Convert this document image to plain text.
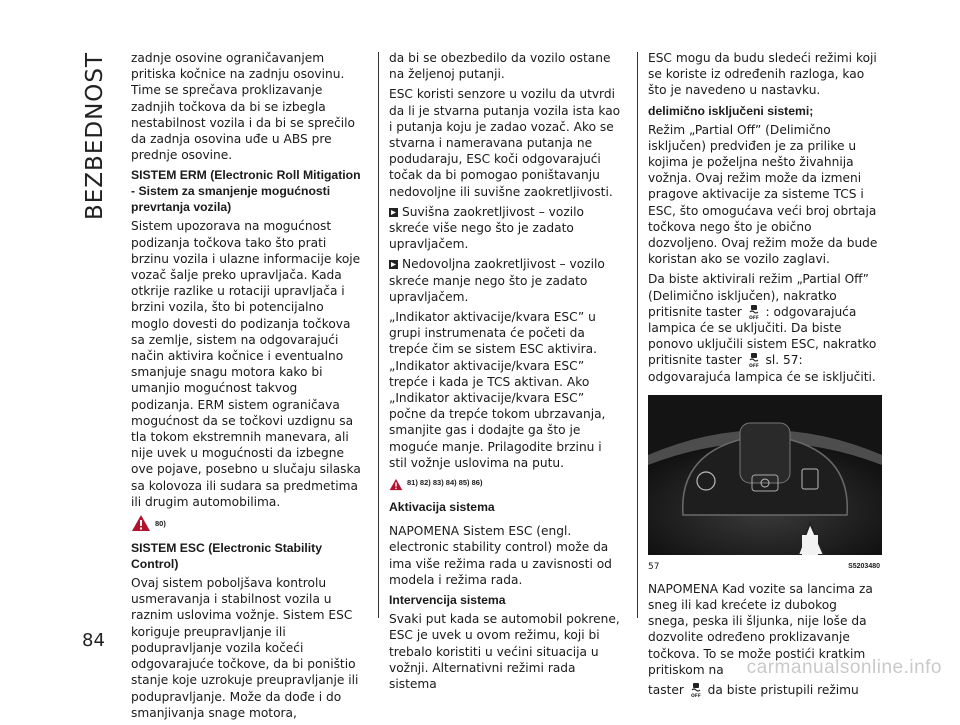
BEZBEDNOST zadnje osovine ograničavanjem pritiska kočnice na zadnju osovinu. Time se sprečava proklizavanje zadnjih točkova da bi se izbegla nestabilnost vozila i da bi se sprečilo da zadnja osovina uđe u ABS pre prednje osovine.

SISTEM ERM (Electronic Roll Mitigation - Sistem za smanjenje mogućnosti prevrtanja vozila)

Sistem upozorava na mogućnost podizanja točkova tako što prati brzinu vozila i ulazne informacije koje vozač šalje preko upravljača. Kada otkrije razlike u rotaciji upravljača i brzini vozila, što bi potencijalno moglo dovesti do podizanja točkova sa zemlje, sistem na odgovarajući način aktivira kočnice i eventualno smanjuje snagu motora kako bi umanjio mogućnost takvog podizanja. ERM sistem ograničava mogućnost da se točkovi uzdignu sa tla tokom ekstremnih manevara, ali nije uvek u mogućnosti da izbegne ove pojave, posebno u slučaju silaska sa kolovoza ili sudara sa predmetima ili drugim automobilima.

80)
SISTEM ESC (Electronic Stability Control)

Ovaj sistem poboljšava kontrolu usmeravanja i stabilnost vozila u raznim uslovima vožnje. Sistem ESC koriguje preupravljanje ili podupravljanje vozila kočeći odgovarajuće točkove, da bi poništio stanje koje uzrokuje preupravljanje ili podupravljanje. Može da dođe i do smanjivanja snage motora,

da bi se obezbedilo da vozilo ostane na željenoj putanji.

ESC koristi senzore u vozilu da utvrdi da li je stvarna putanja vozila ista kao i putanja koju je zadao vozač. Ako se stvarna i nameravana putanja ne podudaraju, ESC koči odgovarajući točak da bi pomogao poništavanju nedovoljne ili suvišne zaokretljivosti.

Suvišna zaokretljivost – vozilo skreće više nego što je zadato upravljačem.

Nedovoljna zaokretljivost – vozilo skreće manje nego što je zadato upravljačem.

„Indikator aktivacije/kvara ESC” u grupi instrumenata će početi da trepće čim se sistem ESC aktivira. „Indikator aktivacije/kvara ESC” trepće i kada je TCS aktivan. Ako „Indikator aktivacije/kvara ESC” počne da trepće tokom ubrzavanja, smanjite gas i dodajte ga što je moguće manje. Prilagodite brzinu i stil vožnje uslovima na putu.

81) 82) 83) 84) 85) 86)
Aktivacija sistema

NAPOMENA Sistem ESC (engl. electronic stability control) može da ima više režima rada u zavisnosti od modela i režima rada.

Intervencija sistema

Svaki put kada se automobil pokrene, ESC je uvek u ovom režimu, koji bi trebalo koristiti u većini situacija u vožnji. Alternativni režimi rada sistema

ESC mogu da budu sledeći režimi koji se koriste iz određenih razloga, kao što je navedeno u nastavku.

delimično isključeni sistemi;

Režim „Partial Off” (Delimično isključen) predviđen je za prilike u kojima je poželjna nešto živahnija vožnja. Ovaj režim može da izmeni pragove aktivacije za sisteme TCS i ESC, što omogućava veći broj obrtaja točkova nego što je obično dozvoljeno. Ovaj režim može da bude koristan ako se vozilo zaglavi.

Da biste aktivirali režim „Partial Off” (Delimično isključen), nakratko pritisnite taster OFF : odgovarajuća lampica će se uključiti. Da biste ponovo uključili sistem ESC, nakratko pritisnite taster OFF sl. 57: odgovarajuća lampica će se isključiti.

57	S5203480

NAPOMENA Kad vozite sa lancima za sneg ili kad krećete iz dubokog snega, peska ili šljunka, nije loše da dozvolite određeno proklizavanje točkova. To se može postići kratkim pritiskom na

taster OFF da biste pristupili režimu

84
carmanualsonline.info
